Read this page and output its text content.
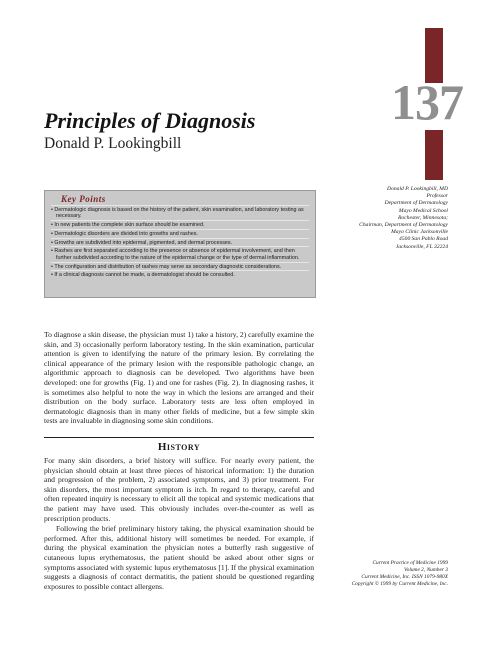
137
Principles of Diagnosis
Donald P. Lookingbill
Key Points
• Dermatologic diagnosis is based on the history of the patient, skin examination, and laboratory testing as necessary.
• In new patients the complete skin surface should be examined.
• Dermatologic disorders are divided into growths and rashes.
• Growths are subdivided into epidermal, pigmented, and dermal processes.
• Rashes are first separated according to the presence or absence of epidermal involvement, and then further subdivided according to the nature of the epidermal change or the type of dermal inflammation.
• The configuration and distribution of rashes may serve as secondary diagnostic considerations.
• If a clinical diagnosis cannot be made, a dermatologist should be consulted.
Donald P. Lookingbill, MD
Professor
Department of Dermatology
Mayo Medical School
Rochester, Minnesota;
Chairman, Department of Dermatology
Mayo Clinic Jacksonville
4500 San Pablo Road
Jacksonville, FL 32224

To diagnose a skin disease, the physician must 1) take a history, 2) carefully examine the skin, and 3) occasionally perform laboratory testing. In the skin examination, particular attention is given to identifying the nature of the primary lesion. By correlating the clinical appearance of the primary lesion with the responsible pathologic change, an algorithmic approach to diagnosis can be developed. Two algorithms have been developed: one for growths (Fig. 1) and one for rashes (Fig. 2). In diagnosing rashes, it is sometimes also helpful to note the way in which the lesions are arranged and their distribution on the body surface. Laboratory tests are less often employed in dermatologic diagnosis than in many other fields of medicine, but a few simple skin tests are invaluable in diagnosing some skin conditions.

History

For many skin disorders, a brief history will suffice. For nearly every patient, the physician should obtain at least three pieces of historical information: 1) the duration and progression of the problem, 2) associated symptoms, and 3) prior treatment. For skin disorders, the most important symptom is itch. In regard to therapy, careful and often repeated inquiry is necessary to elicit all the topical and systemic medications that the patient may have used. This obviously includes over-the-counter as well as prescription products.

Following the brief preliminary history taking, the physical examination should be performed. After this, additional history will sometimes be needed. For example, if during the physical examination the physician notes a butterfly rash suggestive of cutaneous lupus erythematosus, the patient should be asked about other signs or symptoms associated with systemic lupus erythematosus [1]. If the physical examination suggests a diagnosis of contact dermatitis, the patient should be questioned regarding exposures to possible contact allergens.

Current Practice of Medicine 1999
Volume 2, Number 3
Current Medicine, Inc. ISSN 1079-980X
Copyright © 1999 by Current Medicine, Inc.
